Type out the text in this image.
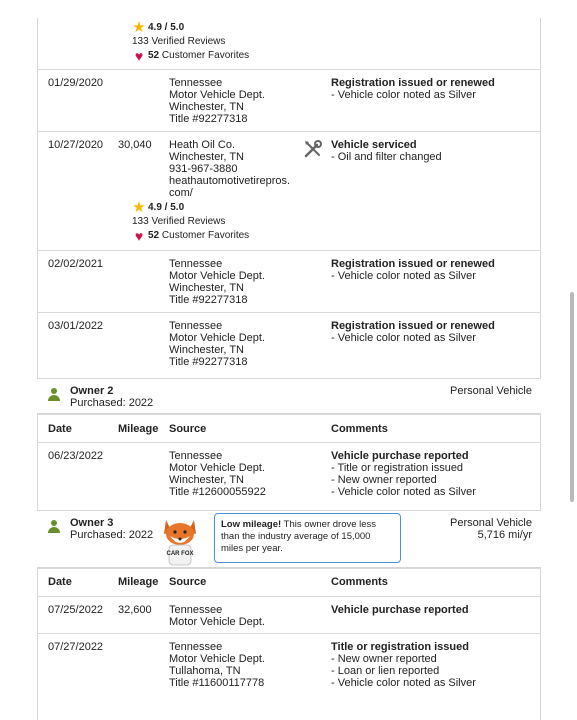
★ 4.9 / 5.0
133 Verified Reviews
♥ 52
Customer Favorites
01/29/2020	Tennessee
Motor Vehicle Dept.
Winchester, TN
Title #92277318
Registration issued or renewed
- Vehicle color noted as Silver
10/27/2020 30,040 Heath Oil Co.
Winchester, TN
931-967-3880
heathautomotivetirepros.
com/
Vehicle serviced
- Oil and filter changed
★ 4.9 / 5.0
133 Verified Reviews
♥ 52
Customer Favorites
02/02/2021	Tennessee
Motor Vehicle Dept.
Winchester, TN
Title #92277318
Registration issued or renewed
- Vehicle color noted as Silver
03/01/2022	Tennessee
Motor Vehicle Dept.
Winchester, TN
Title #92277318
Registration issued or renewed
- Vehicle color noted as Silver
Owner 2
Purchased: 2022
Personal Vehicle
Date	Mileage Source	Comments
06/23/2022	Tennessee
Motor Vehicle Dept.
Winchester, TN
Title #12600055922
Vehicle purchase reported
- Title or registration issued
- New owner reported
- Vehicle color noted as Silver
Owner 3
Purchased: 2022
Personal Vehicle
5,716 mi/yr
CAR FOX
Low mileage! This owner drove less than the industry average of 15,000 miles per year.
Date	Mileage Source	Comments
07/25/2022 32,600 Tennessee
Motor Vehicle Dept.
Vehicle purchase reported
07/27/2022	Tennessee
Motor Vehicle Dept.
Tullahoma, TN
Title #11600117778
Title or registration issued
- New owner reported
- Loan or lien reported
- Vehicle color noted as Silver
